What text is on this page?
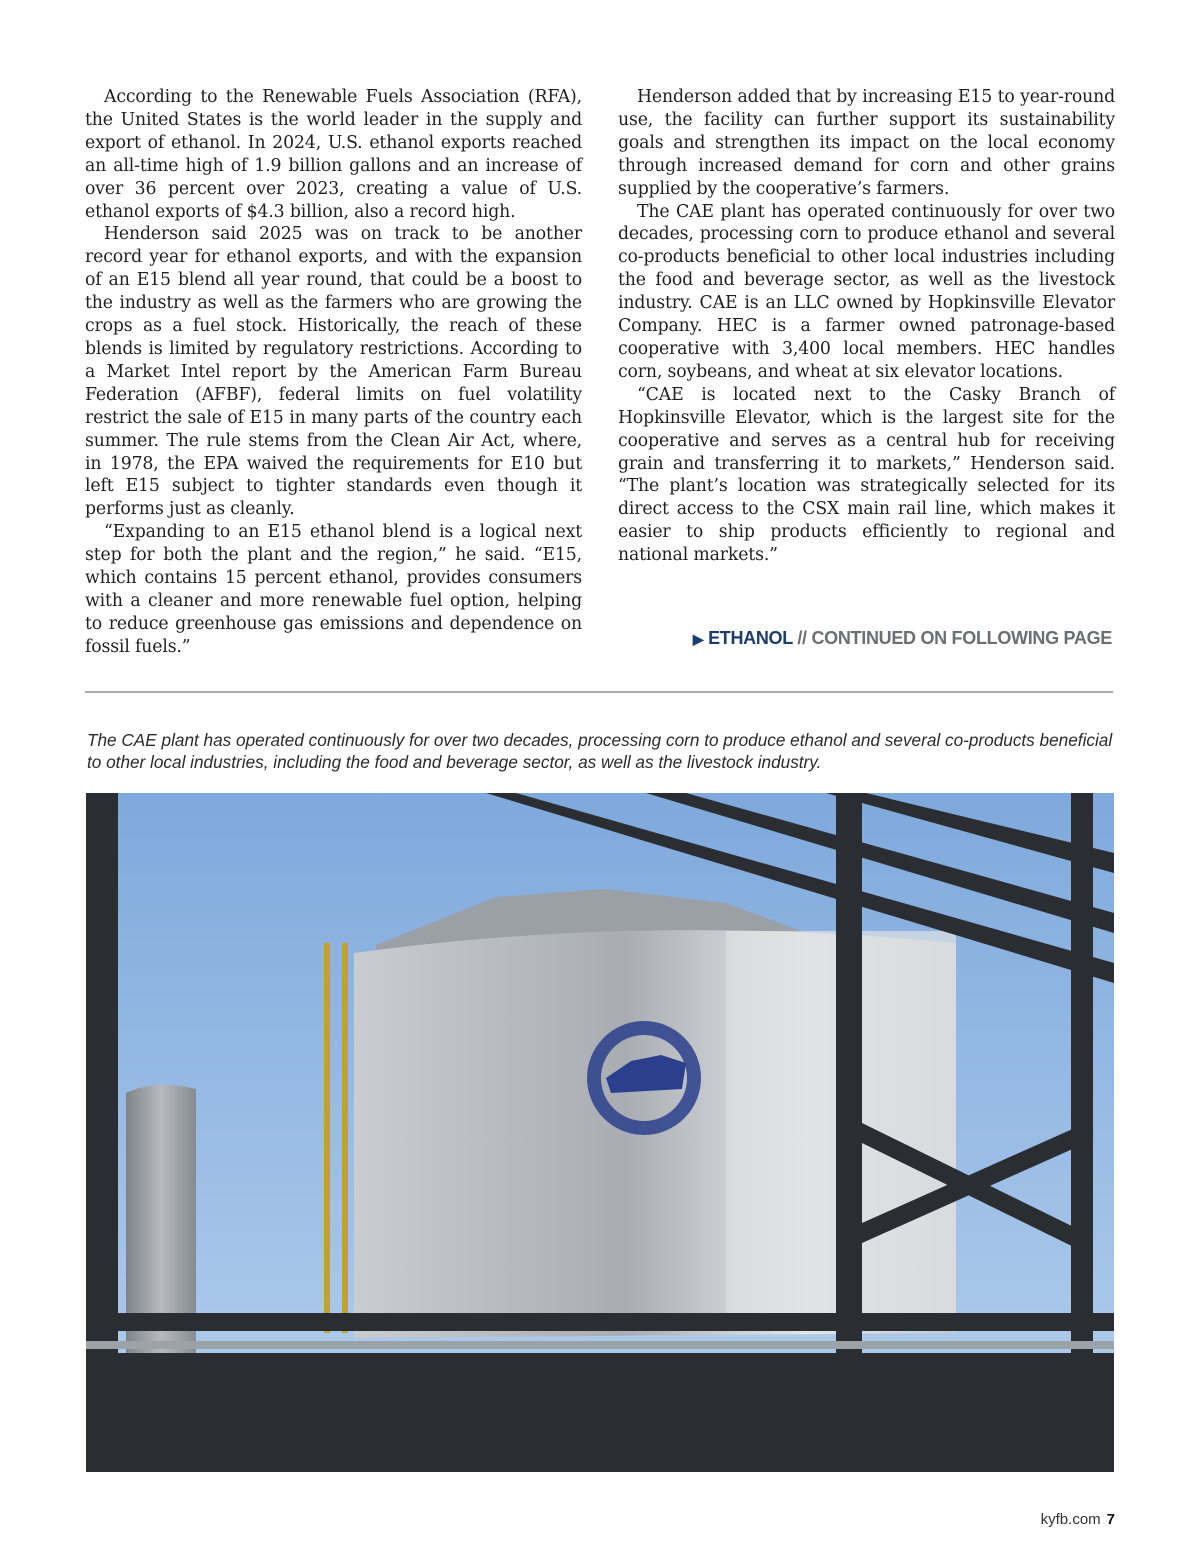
According to the Renewable Fuels Association (RFA), the United States is the world leader in the supply and export of ethanol. In 2024, U.S. ethanol exports reached an all-time high of 1.9 billion gallons and an increase of over 36 percent over 2023, creating a value of U.S. ethanol exports of $4.3 billion, also a record high.

Henderson said 2025 was on track to be another record year for ethanol exports, and with the expansion of an E15 blend all year round, that could be a boost to the industry as well as the farmers who are growing the crops as a fuel stock. Historically, the reach of these blends is limited by regulatory restrictions. According to a Market Intel report by the American Farm Bureau Federation (AFBF), federal limits on fuel volatility restrict the sale of E15 in many parts of the country each summer. The rule stems from the Clean Air Act, where, in 1978, the EPA waived the requirements for E10 but left E15 subject to tighter standards even though it performs just as cleanly.

“Expanding to an E15 ethanol blend is a logical next step for both the plant and the region,” he said. “E15, which contains 15 percent ethanol, provides consumers with a cleaner and more renewable fuel option, helping to reduce greenhouse gas emissions and dependence on fossil fuels.”

Henderson added that by increasing E15 to year-round use, the facility can further support its sustainability goals and strengthen its impact on the local economy through increased demand for corn and other grains supplied by the cooperative’s farmers.

The CAE plant has operated continuously for over two decades, processing corn to produce ethanol and several co-products beneficial to other local industries including the food and beverage sector, as well as the livestock industry. CAE is an LLC owned by Hopkinsville Elevator Company. HEC is a farmer owned patronage-based cooperative with 3,400 local members. HEC handles corn, soybeans, and wheat at six elevator locations.

“CAE is located next to the Casky Branch of Hopkinsville Elevator, which is the largest site for the cooperative and serves as a central hub for receiving grain and transferring it to markets,” Henderson said. “The plant’s location was strategically selected for its direct access to the CSX main rail line, which makes it easier to ship products efficiently to regional and national markets.”

▶ ETHANOL // CONTINUED ON FOLLOWING PAGE
The CAE plant has operated continuously for over two decades, processing corn to produce ethanol and several co-products beneficial to other local industries, including the food and beverage sector, as well as the livestock industry.
kyfb.com 7
